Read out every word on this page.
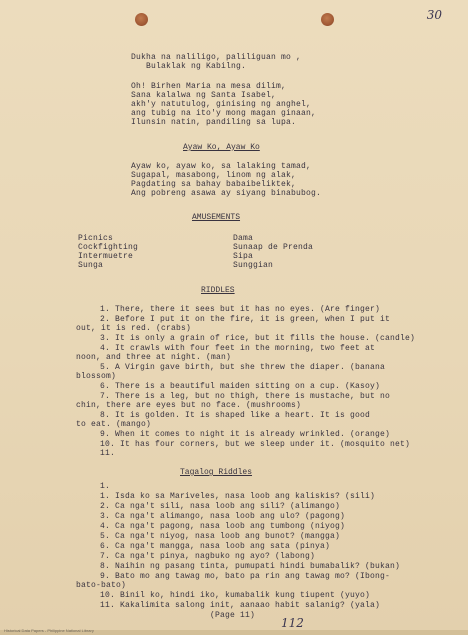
30
Dukha na naliligo, paliliguan mo ,
Bulaklak ng Kabilng.
Oh! Birhen Maria na mesa dilim,
Sana kalalwa ng Santa Isabel,
akh'y natutulog, ginising ng anghel,
ang tubig na ito'y mong magan ginaan,
Ilunsin natin, pandiling sa lupa.
Ayaw Ko, Ayaw Ko
Ayaw ko, ayaw ko, sa lalaking tamad,
Sugapal, masabong, linom ng alak,
Pagdating sa bahay babaibeliktek,
Ang pobreng asawa ay siyang binabubog.
AMUSEMENTS
Picnics
Cockfighting
Intermuetre
Sunga
Dama
Sunaap de Prenda
Sipa
Sunggian
RIDDLES
1. There, there it sees but it has no eyes. (Are finger)
2. Before I put it on the fire, it is green, when I put it
out, it is red. (crabs)
3. It is only a grain of rice, but it fills the house. (candle)
4. It crawls with four feet in the morning, two feet at
noon, and three at night. (man)
5. A Virgin gave birth, but she threw the diaper. (banana
blossom)
6. There is a beautiful maiden sitting on a cup. (Kasoy)
7. There is a leg, but no thigh, there is mustache, but no
chin, there are eyes but no face. (mushrooms)
8. It is golden. It is shaped like a heart. It is good
to eat. (mango)
9. When it comes to night it is already wrinkled. (orange)
10. It has four corners, but we sleep under it. (mosquito net)
11.
Tagalog Riddles
1.
1. Isda ko sa Mariveles, nasa loob ang kaliskis? (sili)
2. Ca nga't sili, nasa loob ang sili? (alimango)
3. Ca nga't alimango, nasa loob ang ulo? (pagong)
4. Ca nga't pagong, nasa loob ang tumbong (niyog)
5. Ca nga't niyog, nasa loob ang bunot? (mangga)
6. Ca nga't mangga, nasa loob ang sata (pinya)
7. Ca nga't pinya, nagbuko ng ayo? (labong)
8. Naihin ng pasang tinta, pumupati hindi bumabalik? (bukan)
9. Bato mo ang tawag mo, bato pa rin ang tawag mo? (Ibong-
bato-bato)
10. Binil ko, hindi iko, kumabalik kung tiupent (yuyo)
11. Kakalimita salong init, aanaao habit salanig? (yala)
(Page 11)
112
Historical Data Papers - Philippine National Library
